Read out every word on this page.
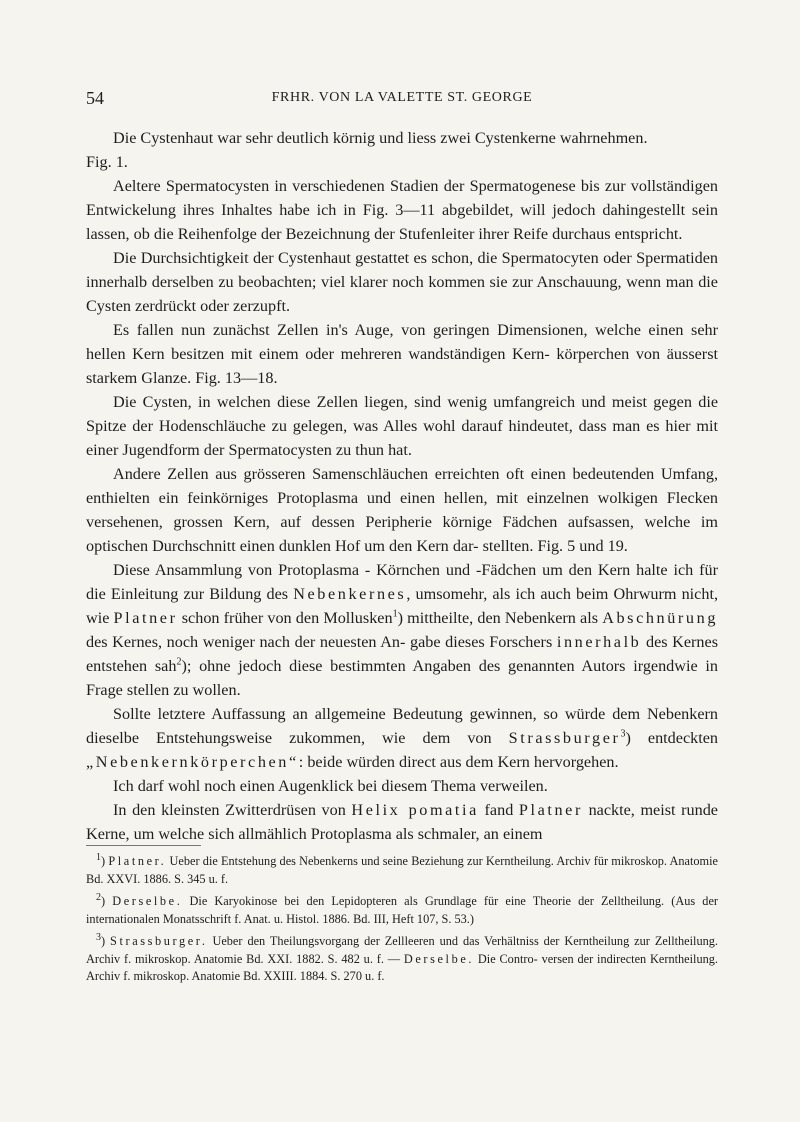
54	FRHR. VON LA VALETTE ST. GEORGE

Die Cystenhaut war sehr deutlich körnig und liess zwei Cystenkerne wahrnehmen.

Fig. 1.

Aeltere Spermatocysten in verschiedenen Stadien der Spermatogenese bis zur vollständigen Entwickelung ihres Inhaltes habe ich in Fig. 3—11 abgebildet, will jedoch dahingestellt sein lassen, ob die Reihenfolge der Bezeichnung der Stufenleiter ihrer Reife durchaus entspricht.

Die Durchsichtigkeit der Cystenhaut gestattet es schon, die Spermatocyten oder Spermatiden innerhalb derselben zu beobachten; viel klarer noch kommen sie zur Anschauung, wenn man die Cysten zerdrückt oder zerzupft.

Es fallen nun zunächst Zellen in's Auge, von geringen Dimensionen, welche einen sehr hellen Kern besitzen mit einem oder mehreren wandständigen Kern- körperchen von äusserst starkem Glanze. Fig. 13—18.

Die Cysten, in welchen diese Zellen liegen, sind wenig umfangreich und meist gegen die Spitze der Hodenschläuche zu gelegen, was Alles wohl darauf hindeutet, dass man es hier mit einer Jugendform der Spermatocysten zu thun hat.

Andere Zellen aus grösseren Samenschläuchen erreichten oft einen bedeutenden Umfang, enthielten ein feinkörniges Protoplasma und einen hellen, mit einzelnen wolkigen Flecken versehenen, grossen Kern, auf dessen Peripherie körnige Fädchen aufsassen, welche im optischen Durchschnitt einen dunklen Hof um den Kern dar- stellten. Fig. 5 und 19.

Diese Ansammlung von Protoplasma - Körnchen und -Fädchen um den Kern halte ich für die Einleitung zur Bildung des Nebenkernes, umsomehr, als ich auch beim Ohrwurm nicht, wie Platner schon früher von den Mollusken$^1$) mittheilte, den Nebenkern als Abschnürung des Kernes, noch weniger nach der neuesten An- gabe dieses Forschers innerhalb des Kernes entstehen sah$^2$); ohne jedoch diese bestimmten Angaben des genannten Autors irgendwie in Frage stellen zu wollen.

Sollte letztere Auffassung an allgemeine Bedeutung gewinnen, so würde dem Nebenkern dieselbe Entstehungsweise zukommen, wie dem von Strassburger$^3$) entdeckten „Nebenkernkörperchen“: beide würden direct aus dem Kern hervorgehen.

Ich darf wohl noch einen Augenklick bei diesem Thema verweilen.

In den kleinsten Zwitterdrüsen von Helix pomatia fand Platner nackte, meist runde Kerne, um welche sich allmählich Protoplasma als schmaler, an einem

$^1$) Platner. Ueber die Entstehung des Nebenkerns und seine Beziehung zur Kerntheilung. Archiv für mikroskop. Anatomie Bd. XXVI. 1886. S. 345 u. f.

$^2$) Derselbe. Die Karyokinose bei den Lepidopteren als Grundlage für eine Theorie der Zelltheilung. (Aus der internationalen Monatsschrift f. Anat. u. Histol. 1886. Bd. III, Heft 107, S. 53.)

$^3$) Strassburger. Ueber den Theilungsvorgang der Zellleeren und das Verhältniss der Kerntheilung zur Zelltheilung. Archiv f. mikroskop. Anatomie Bd. XXI. 1882. S. 482 u. f. — Derselbe. Die Contro- versen der indirecten Kerntheilung. Archiv f. mikroskop. Anatomie Bd. XXIII. 1884. S. 270 u. f.
